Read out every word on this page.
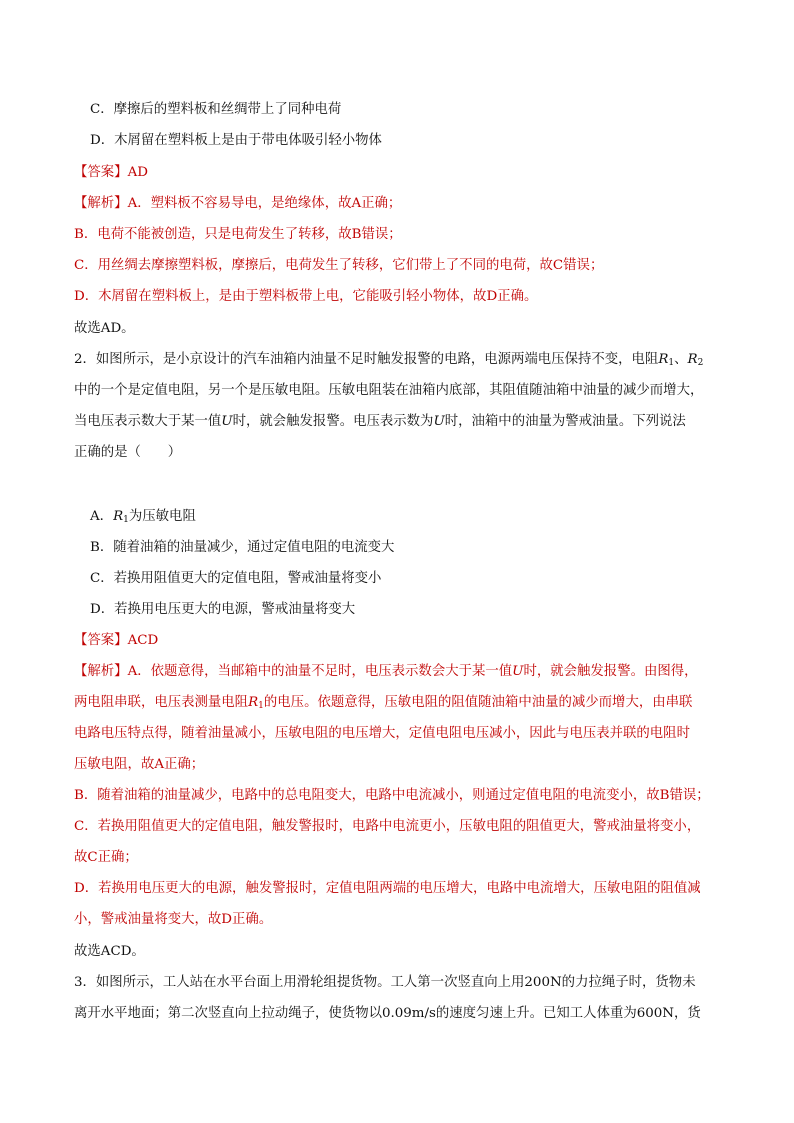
C．摩擦后的塑料板和丝绸带上了同种电荷
D．木屑留在塑料板上是由于带电体吸引轻小物体
【答案】AD
【解析】A．塑料板不容易导电，是绝缘体，故A正确；
B．电荷不能被创造，只是电荷发生了转移，故B错误；
C．用丝绸去摩擦塑料板，摩擦后，电荷发生了转移，它们带上了不同的电荷，故C错误；
D．木屑留在塑料板上，是由于塑料板带上电，它能吸引轻小物体，故D正确。
故选AD。
2．如图所示，是小京设计的汽车油箱内油量不足时触发报警的电路，电源两端电压保持不变，电阻$R_1$、$R_2$
中的一个是定值电阻，另一个是压敏电阻。压敏电阻装在油箱内底部，其阻值随油箱中油量的减少而增大，
当电压表示数大于某一值U时，就会触发报警。电压表示数为U时，油箱中的油量为警戒油量。下列说法
正确的是（　　）
A．$R_1$为压敏电阻
B．随着油箱的油量减少，通过定值电阻的电流变大
C．若换用阻值更大的定值电阻，警戒油量将变小
D．若换用电压更大的电源，警戒油量将变大
【答案】ACD
【解析】A．依题意得，当邮箱中的油量不足时，电压表示数会大于某一值U时，就会触发报警。由图得，
两电阻串联，电压表测量电阻$R_1$的电压。依题意得，压敏电阻的阻值随油箱中油量的减少而增大，由串联
电路电压特点得，随着油量减小，压敏电阻的电压增大，定值电阻电压减小，因此与电压表并联的电阻时
压敏电阻，故A正确；
B．随着油箱的油量减少，电路中的总电阻变大，电路中电流减小，则通过定值电阻的电流变小，故B错误；
C．若换用阻值更大的定值电阻，触发警报时，电路中电流更小，压敏电阻的阻值更大，警戒油量将变小，
故C正确；
D．若换用电压更大的电源，触发警报时，定值电阻两端的电压增大，电路中电流增大，压敏电阻的阻值减
小，警戒油量将变大，故D正确。
故选ACD。
3．如图所示，工人站在水平台面上用滑轮组提货物。工人第一次竖直向上用200N的力拉绳子时，货物未
离开水平地面；第二次竖直向上拉动绳子，使货物以0.09m/s的速度匀速上升。已知工人体重为600N，货
